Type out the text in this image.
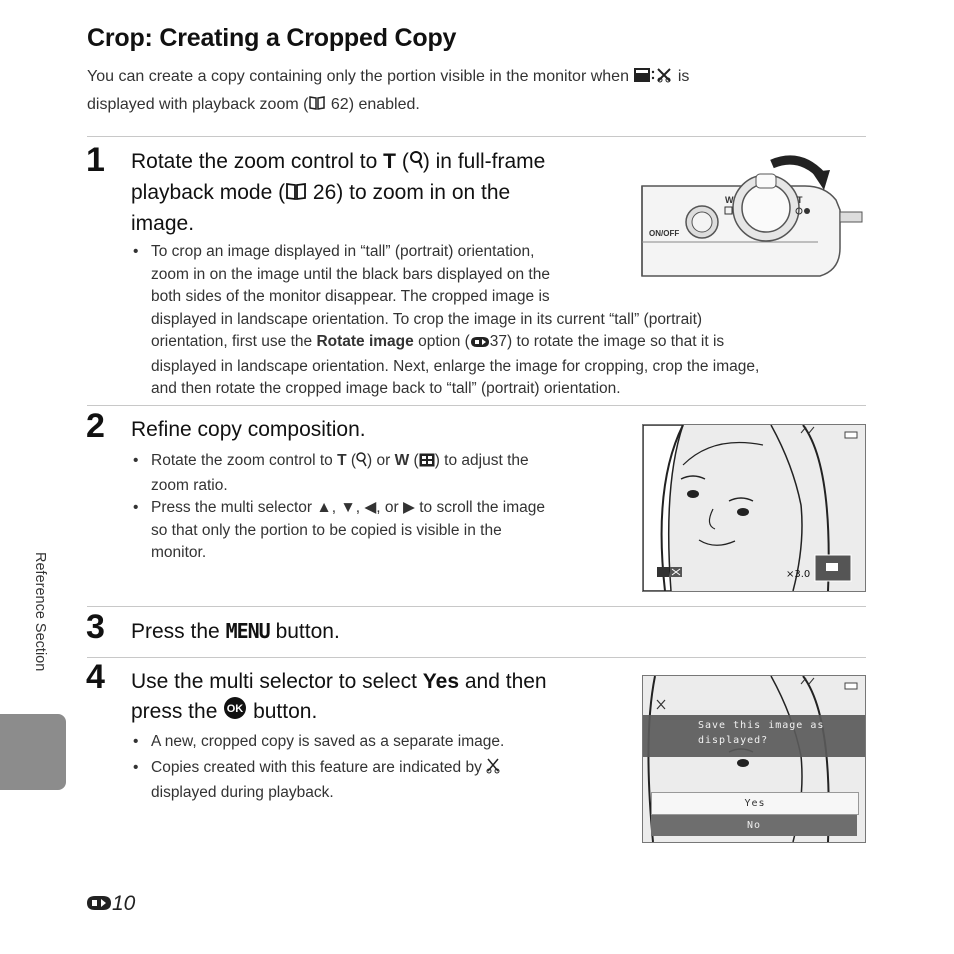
Crop: Creating a Cropped Copy
You can create a copy containing only the portion visible in the monitor when	is
displayed with playback zoom ( 62) enabled.
1 Rotate the zoom control to T ( ) in full-frame
playback mode ( 26) to zoom in on the
image.	ON/OFF
W	T
• To crop an image displayed in “tall” (portrait) orientation,
zoom in on the image until the black bars displayed on the
both sides of the monitor disappear. The cropped image is
displayed in landscape orientation. To crop the image in its current “tall” (portrait)
orientation, first use the Rotate image option ( 37) to rotate the image so that it is
displayed in landscape orientation. Next, enlarge the image for cropping, crop the image,
and then rotate the cropped image back to “tall” (portrait) orientation.
2 Refine copy composition.
• Rotate the zoom control to T ( ) or W ( ) to adjust the
zoom ratio.
• Press the multi selector ▲, ▼, ◀, or ▶ to scroll the image
so that only the portion to be copied is visible in the
monitor.
×3.0
3 Press the MENU button.
4 Use the multi selector to select Yes and then
press the OK button.
• A new, cropped copy is saved as a separate image.
• Copies created with this feature are indicated by
displayed during playback.
Save this image as
displayed?
Yes
No
Reference Section
10
